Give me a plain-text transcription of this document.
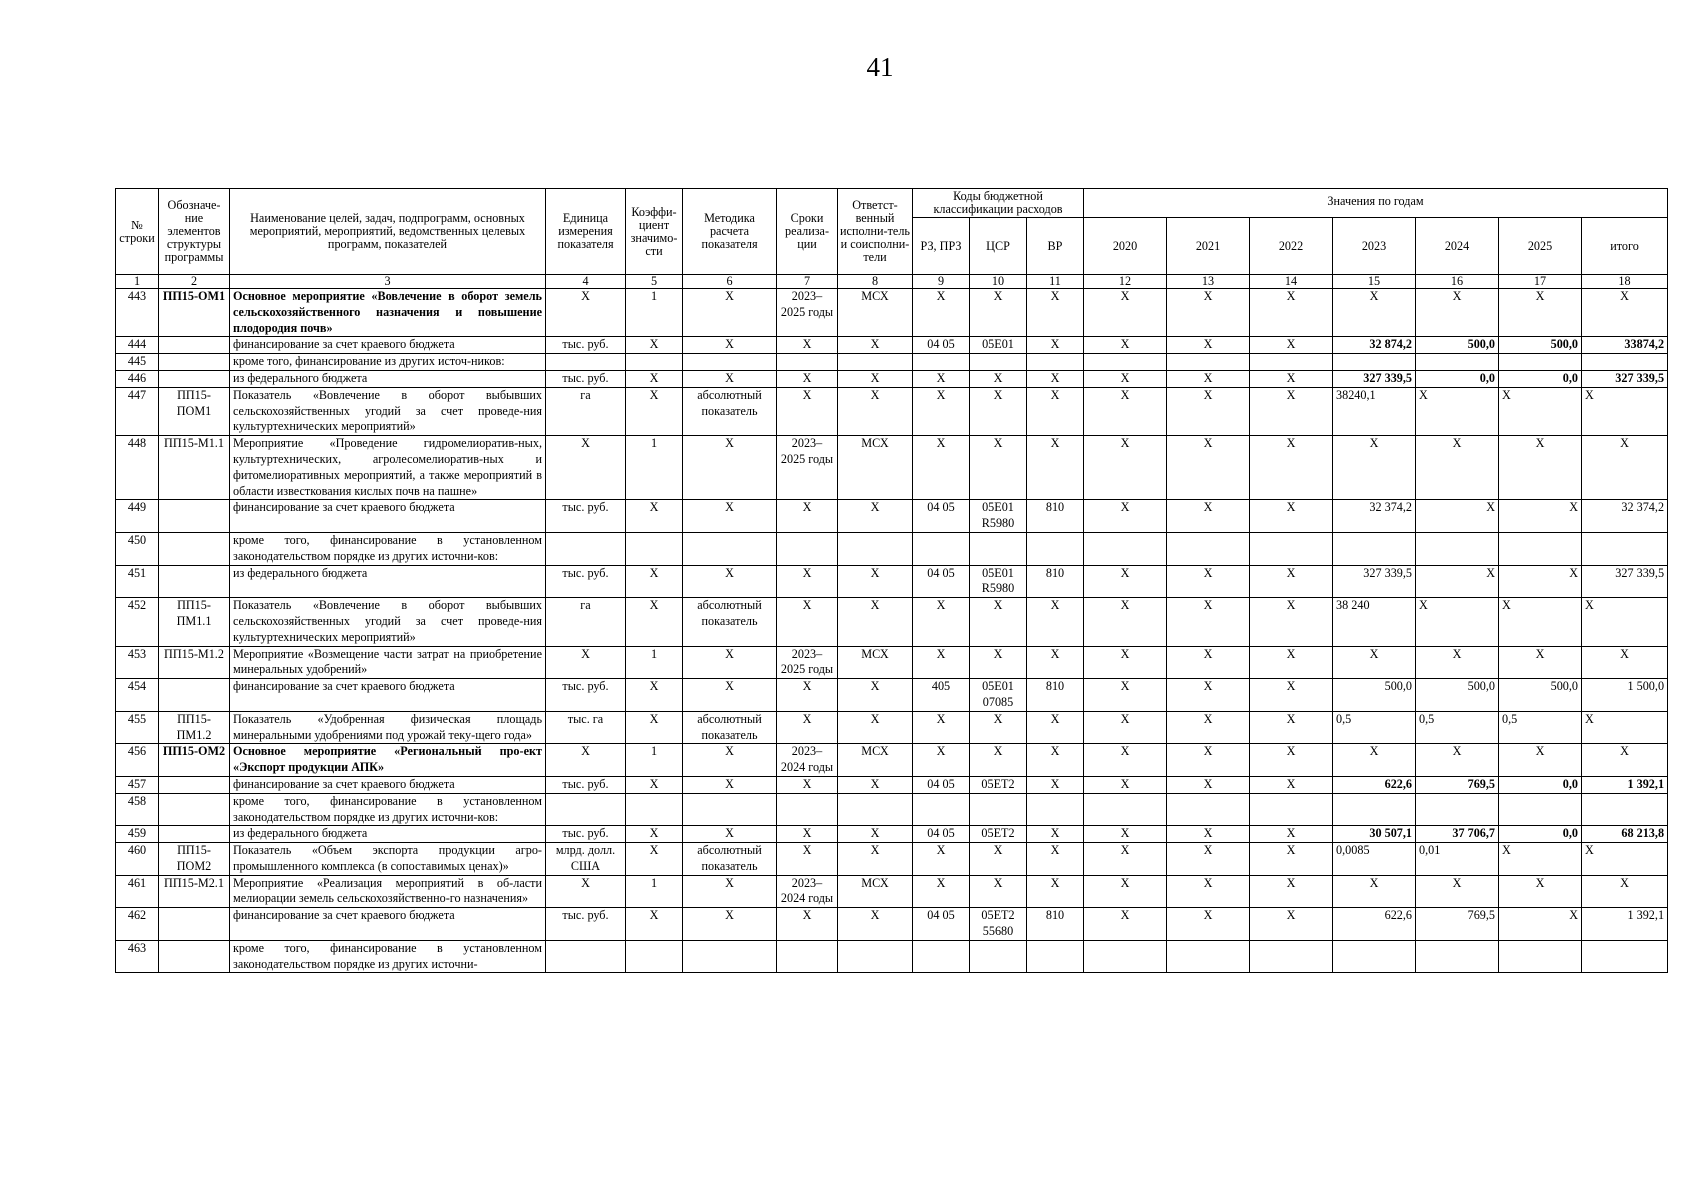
41
№ строки	Обозначе-ние элементов структуры программы	Наименование целей, задач, подпрограмм, основных мероприятий, мероприятий, ведомственных целевых программ, показателей	Единица измерения показателя	Коэффи-циент значимо-сти	Методика расчета показателя	Сроки реализа-ции	Ответст-венный исполни-тель и соисполни-тели	Коды бюджетной классификации расходов			Значения по годам						
								РЗ, ПРЗ	ЦСР	ВР	2020	2021	2022	2023	2024	2025	итого
1	2	3	4	5	6	7	8	9	10	11	12	13	14	15	16	17	18
443	ПП15-ОМ1	Основное мероприятие «Вовлечение в оборот земель сельскохозяйственного назначения и повышение плодородия почв»	Х	1	Х	2023–2025 годы	МСХ	Х	Х	Х	Х	Х	Х	Х	Х	Х	Х
444		финансирование за счет краевого бюджета	тыс. руб.	Х	Х	Х	Х	04 05	05Е01	Х	Х	Х	Х	32 874,2	500,0	500,0	33874,2
445		кроме того, финансирование из других источ-ников:															
446		из федерального бюджета	тыс. руб.	Х	Х	Х	Х	Х	Х	Х	Х	Х	Х	327 339,5	0,0	0,0	327 339,5
447	ПП15-ПОМ1	Показатель «Вовлечение в оборот выбывших сельскохозяйственных угодий за счет проведе-ния культуртехнических мероприятий»	га	Х	абсолютный показатель	Х	Х	Х	Х	Х	Х	Х	Х	38240,1	Х	Х	Х
448	ПП15-М1.1	Мероприятие «Проведение гидромелиоратив-ных, культуртехнических, агролесомелиоратив-ных и фитомелиоративных мероприятий, а также мероприятий в области известкования кислых почв на пашне»	Х	1	Х	2023–2025 годы	МСХ	Х	Х	Х	Х	Х	Х	Х	Х	Х	Х
449		финансирование за счет краевого бюджета	тыс. руб.	Х	Х	Х	Х	04 05	05Е01 R5980	810	Х	Х	Х	32 374,2	Х	Х	32 374,2
450		кроме того, финансирование в установленном законодательством порядке из других источни-ков:															
451		из федерального бюджета	тыс. руб.	Х	Х	Х	Х	04 05	05Е01 R5980	810	Х	Х	Х	327 339,5	Х	Х	327 339,5
452	ПП15-ПМ1.1	Показатель «Вовлечение в оборот выбывших сельскохозяйственных угодий за счет проведе-ния культуртехнических мероприятий»	га	Х	абсолютный показатель	Х	Х	Х	Х	Х	Х	Х	Х	38 240	Х	Х	Х
453	ПП15-М1.2	Мероприятие «Возмещение части затрат на приобретение минеральных удобрений»	Х	1	Х	2023–2025 годы	МСХ	Х	Х	Х	Х	Х	Х	Х	Х	Х	Х
454		финансирование за счет краевого бюджета	тыс. руб.	Х	Х	Х	Х	405	05Е01 07085	810	Х	Х	Х	500,0	500,0	500,0	1 500,0
455	ПП15-ПМ1.2	Показатель «Удобренная физическая площадь минеральными удобрениями под урожай теку-щего года»	тыс. га	Х	абсолютный показатель	Х	Х	Х	Х	Х	Х	Х	Х	0,5	0,5	0,5	Х
456	ПП15-ОМ2	Основное мероприятие «Региональный про-ект «Экспорт продукции АПК»	Х	1	Х	2023–2024 годы	МСХ	Х	Х	Х	Х	Х	Х	Х	Х	Х	Х
457		финансирование за счет краевого бюджета	тыс. руб.	Х	Х	Х	Х	04 05	05ЕТ2	Х	Х	Х	Х	622,6	769,5	0,0	1 392,1
458		кроме того, финансирование в установленном законодательством порядке из других источни-ков:															
459		из федерального бюджета	тыс. руб.	Х	Х	Х	Х	04 05	05ЕТ2	Х	Х	Х	Х	30 507,1	37 706,7	0,0	68 213,8
460	ПП15-ПОМ2	Показатель «Объем экспорта продукции агро-промышленного комплекса (в сопоставимых ценах)»	млрд. долл. США	Х	абсолютный показатель	Х	Х	Х	Х	Х	Х	Х	Х	0,0085	0,01	Х	Х
461	ПП15-М2.1	Мероприятие «Реализация мероприятий в об-ласти мелиорации земель сельскохозяйственно-го назначения»	Х	1	Х	2023–2024 годы	МСХ	Х	Х	Х	Х	Х	Х	Х	Х	Х	Х
462		финансирование за счет краевого бюджета	тыс. руб.	Х	Х	Х	Х	04 05	05ЕТ2 55680	810	Х	Х	Х	622,6	769,5	Х	1 392,1
463		кроме того, финансирование в установленном законодательством порядке из других источни-															
